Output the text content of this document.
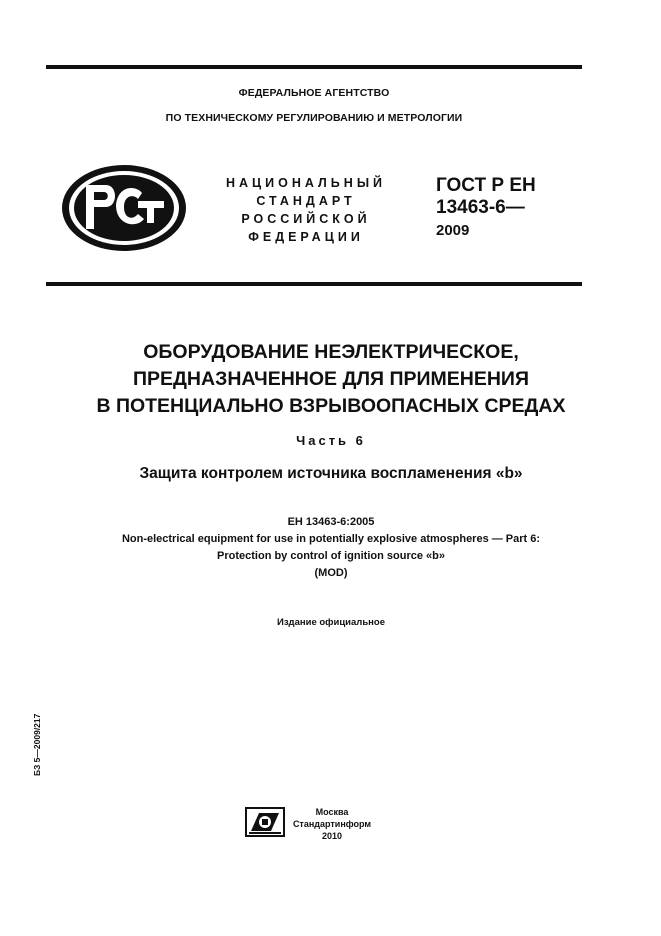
ФЕДЕРАЛЬНОЕ АГЕНТСТВО
ПО ТЕХНИЧЕСКОМУ РЕГУЛИРОВАНИЮ И МЕТРОЛОГИИ
НАЦИОНАЛЬНЫЙ
СТАНДАРТ
РОССИЙСКОЙ
ФЕДЕРАЦИИ
ГОСТ Р ЕН
13463-6—
2009
ОБОРУДОВАНИЕ НЕЭЛЕКТРИЧЕСКОЕ,
ПРЕДНАЗНАЧЕННОЕ ДЛЯ ПРИМЕНЕНИЯ
В ПОТЕНЦИАЛЬНО ВЗРЫВООПАСНЫХ СРЕДАХ
Часть 6
Защита контролем источника воспламенения «b»
ЕН 13463-6:2005
Non-electrical equipment for use in potentially explosive atmospheres — Part 6:
Protection by control of ignition source «b»
(MOD)
Издание официальное
БЗ 5—2009/217
Москва
Стандартинформ
2010
